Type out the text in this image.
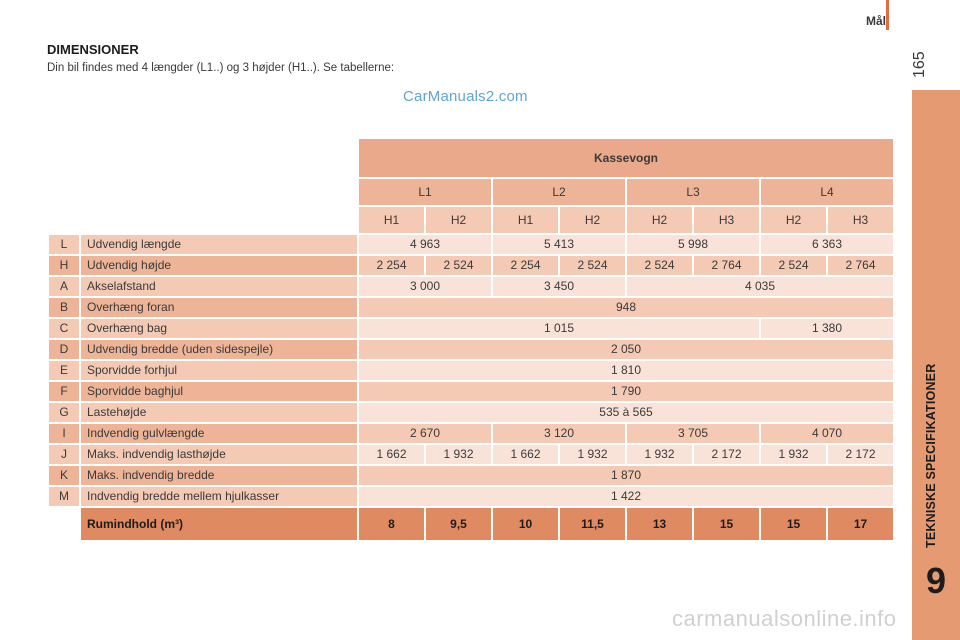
Mål
165
TEKNISKE SPECIFIKATIONER
9
DIMENSIONER
Din bil findes med 4 længder (L1..) og 3 højder (H1..). Se tabellerne:
CarManuals2.com
		Kassevogn							
		L1		L2		L3		L4	
		H1	H2	H1	H2	H2	H3	H2	H3
L	Udvendig længde	4 963		5 413		5 998		6 363	
H	Udvendig højde	2 254	2 524	2 254	2 524	2 524	2 764	2 524	2 764
A	Akselafstand	3 000		3 450		4 035			
B	Overhæng foran	948							
C	Overhæng bag	1 015						1 380	
D	Udvendig bredde (uden sidespejle)	2 050							
E	Sporvidde forhjul	1 810							
F	Sporvidde baghjul	1 790							
G	Lastehøjde	535 à 565							
I	Indvendig gulvlængde	2 670		3 120		3 705		4 070	
J	Maks. indvendig lasthøjde	1 662	1 932	1 662	1 932	1 932	2 172	1 932	2 172
K	Maks. indvendig bredde	1 870							
M	Indvendig bredde mellem hjulkasser	1 422							
	Rumindhold (m³)	8	9,5	10	11,5	13	15	15	17
carmanualsonline.info
